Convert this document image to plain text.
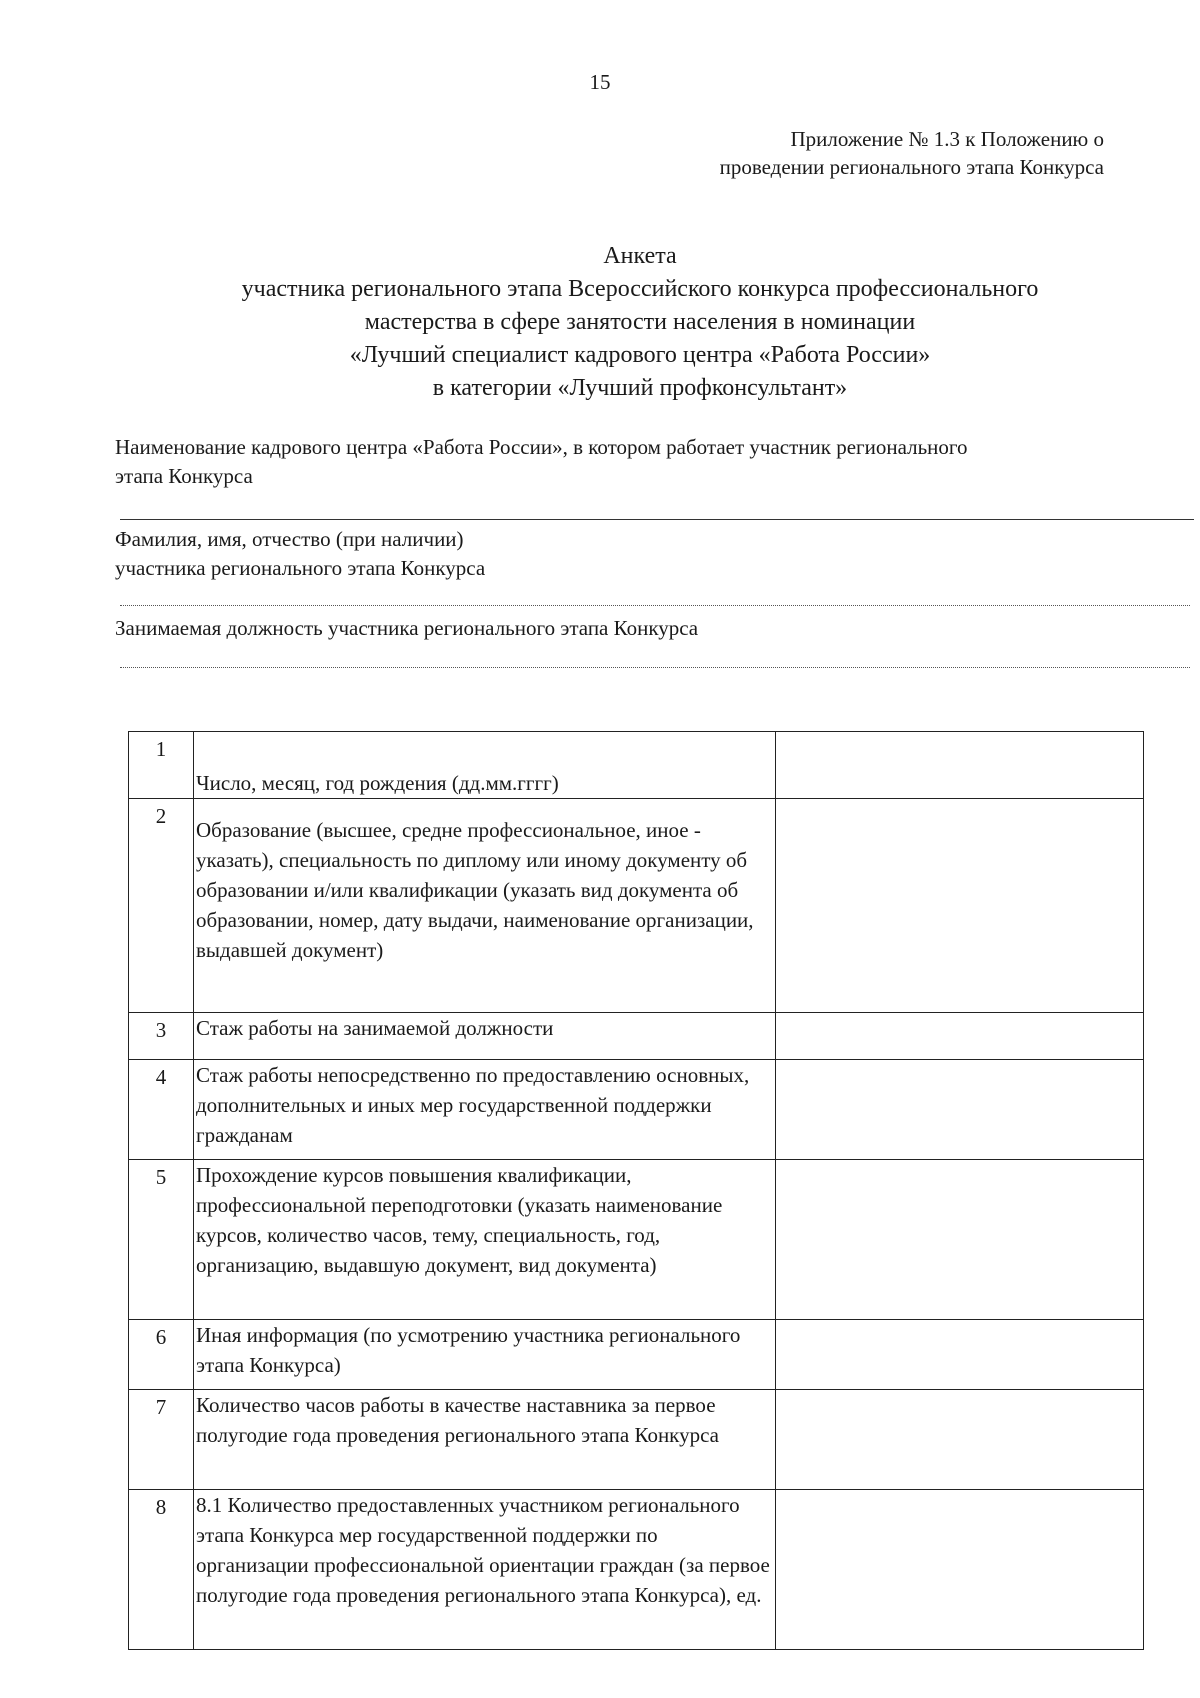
15
Приложение № 1.3 к Положению о
проведении регионального этапа Конкурса
Анкета
участника регионального этапа Всероссийского конкурса профессионального
мастерства в сфере занятости населения в номинации
«Лучший специалист кадрового центра «Работа России»
в категории «Лучший профконсультант»
Наименование кадрового центра «Работа России», в котором работает участник регионального
этапа Конкурса
Фамилия, имя, отчество (при наличии)
участника регионального этапа Конкурса
Занимаемая должность участника регионального этапа Конкурса
1	Число, месяц, год рождения (дд.мм.гггг)	
2	Образование (высшее, средне профессиональное, иное - указать), специальность по диплому или иному документу об образовании и/или квалификации (указать вид документа об образовании, номер, дату выдачи, наименование организации, выдавшей документ)	
3	Стаж работы на занимаемой должности	
4	Стаж работы непосредственно по предоставлению основных, дополнительных и иных мер государственной поддержки гражданам	
5	Прохождение курсов повышения квалификации, профессиональной переподготовки (указать наименование курсов, количество часов, тему, специальность, год, организацию, выдавшую документ, вид документа)	
6	Иная информация (по усмотрению участника регионального этапа Конкурса)	
7	Количество часов работы в качестве наставника за первое полугодие года проведения регионального этапа Конкурса	
8	8.1 Количество предоставленных участником регионального этапа Конкурса мер государственной поддержки по организации профессиональной ориентации граждан (за первое полугодие года проведения регионального этапа Конкурса), ед.	
